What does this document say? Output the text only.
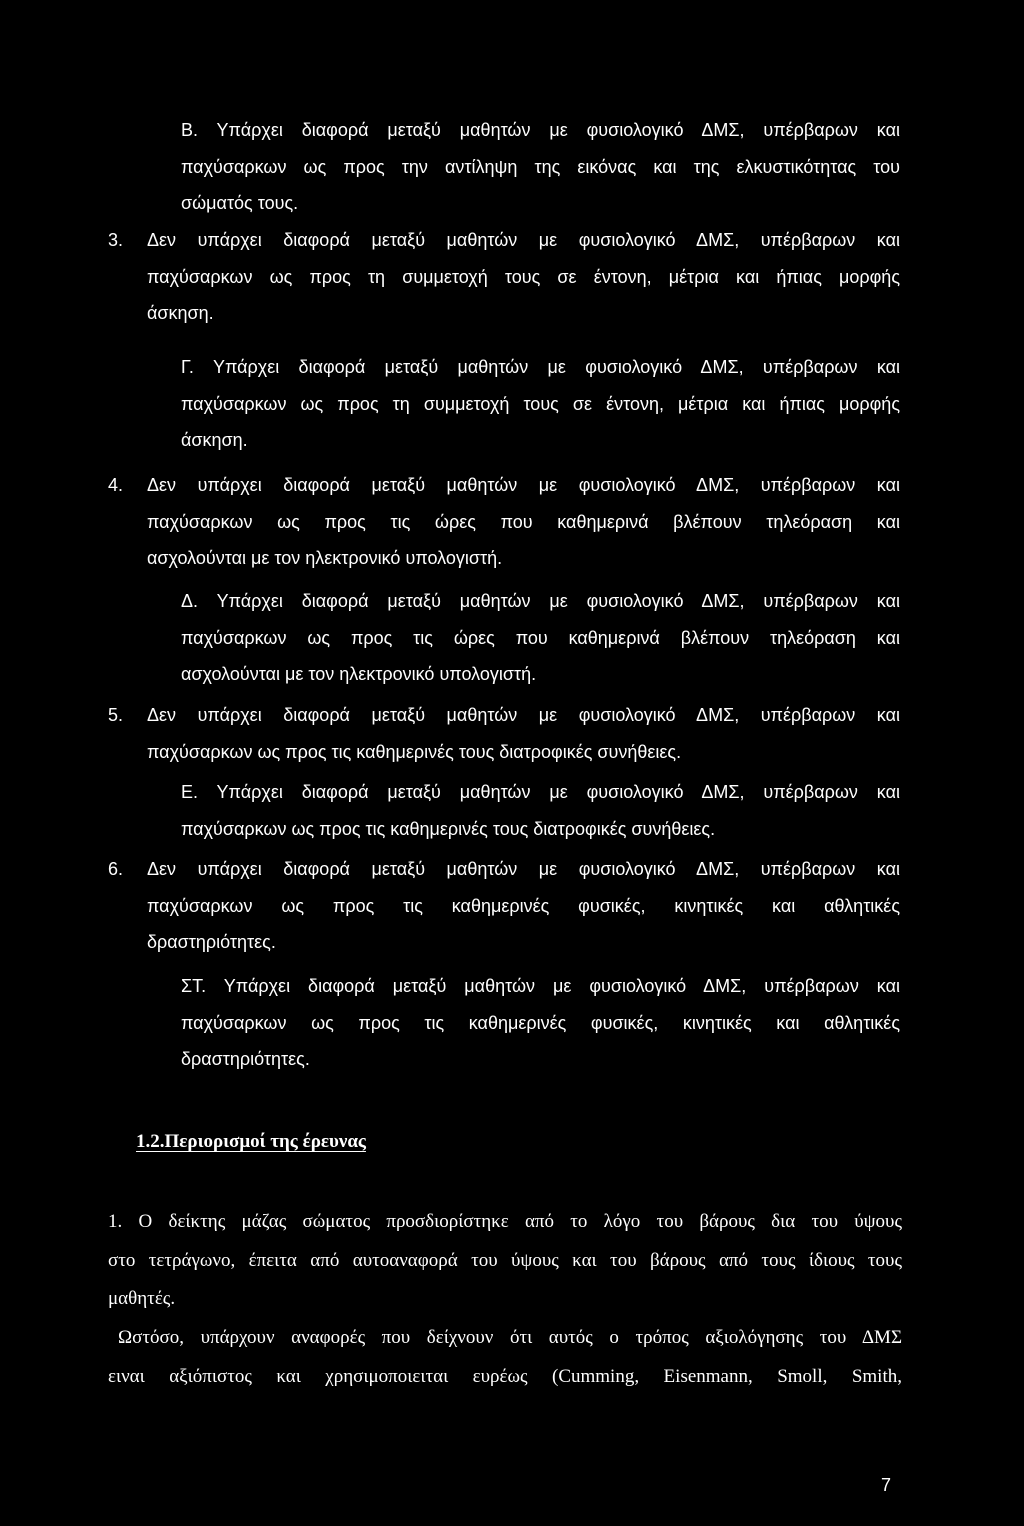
Β. Υπάρχει διαφορά μεταξύ μαθητών με φυσιολογικό ΔΜΣ, υπέρβαρων και
παχύσαρκων ως προς την αντίληψη της εικόνας και της ελκυστικότητας του
σώματός τους.
3. Δεν υπάρχει διαφορά μεταξύ μαθητών με φυσιολογικό ΔΜΣ, υπέρβαρων και
παχύσαρκων ως προς τη συμμετοχή τους σε έντονη, μέτρια και ήπιας μορφής
άσκηση.
Γ. Υπάρχει διαφορά μεταξύ μαθητών με φυσιολογικό ΔΜΣ, υπέρβαρων και
παχύσαρκων ως προς τη συμμετοχή τους σε έντονη, μέτρια και ήπιας μορφής
άσκηση.
4. Δεν υπάρχει διαφορά μεταξύ μαθητών με φυσιολογικό ΔΜΣ, υπέρβαρων και
παχύσαρκων ως προς τις ώρες που καθημερινά βλέπουν τηλεόραση και
ασχολούνται με τον ηλεκτρονικό υπολογιστή.
Δ. Υπάρχει διαφορά μεταξύ μαθητών με φυσιολογικό ΔΜΣ, υπέρβαρων και
παχύσαρκων ως προς τις ώρες που καθημερινά βλέπουν τηλεόραση και
ασχολούνται με τον ηλεκτρονικό υπολογιστή.
5. Δεν υπάρχει διαφορά μεταξύ μαθητών με φυσιολογικό ΔΜΣ, υπέρβαρων και
παχύσαρκων ως προς τις καθημερινές τους διατροφικές συνήθειες.
Ε. Υπάρχει διαφορά μεταξύ μαθητών με φυσιολογικό ΔΜΣ, υπέρβαρων και
παχύσαρκων ως προς τις καθημερινές τους διατροφικές συνήθειες.
6. Δεν υπάρχει διαφορά μεταξύ μαθητών με φυσιολογικό ΔΜΣ, υπέρβαρων και
παχύσαρκων ως προς τις καθημερινές φυσικές, κινητικές και αθλητικές
δραστηριότητες.
ΣΤ. Υπάρχει διαφορά μεταξύ μαθητών με φυσιολογικό ΔΜΣ, υπέρβαρων και
παχύσαρκων ως προς τις καθημερινές φυσικές, κινητικές και αθλητικές
δραστηριότητες.
1.2.Περιορισμοί της έρευνας
1. Ο δείκτης μάζας σώματος προσδιορίστηκε από το λόγο του βάρους δια του ύψους
στο τετράγωνο, έπειτα από αυτοαναφορά του ύψους και του βάρους από τους ίδιους τους
μαθητές.
Ωστόσο, υπάρχουν αναφορές που δείχνουν ότι αυτός ο τρόπος αξιολόγησης του ΔΜΣ
ειναι αξιόπιστος και χρησιμοποιειται ευρέως (Cumming, Eisenmann, Smoll, Smith,
7
